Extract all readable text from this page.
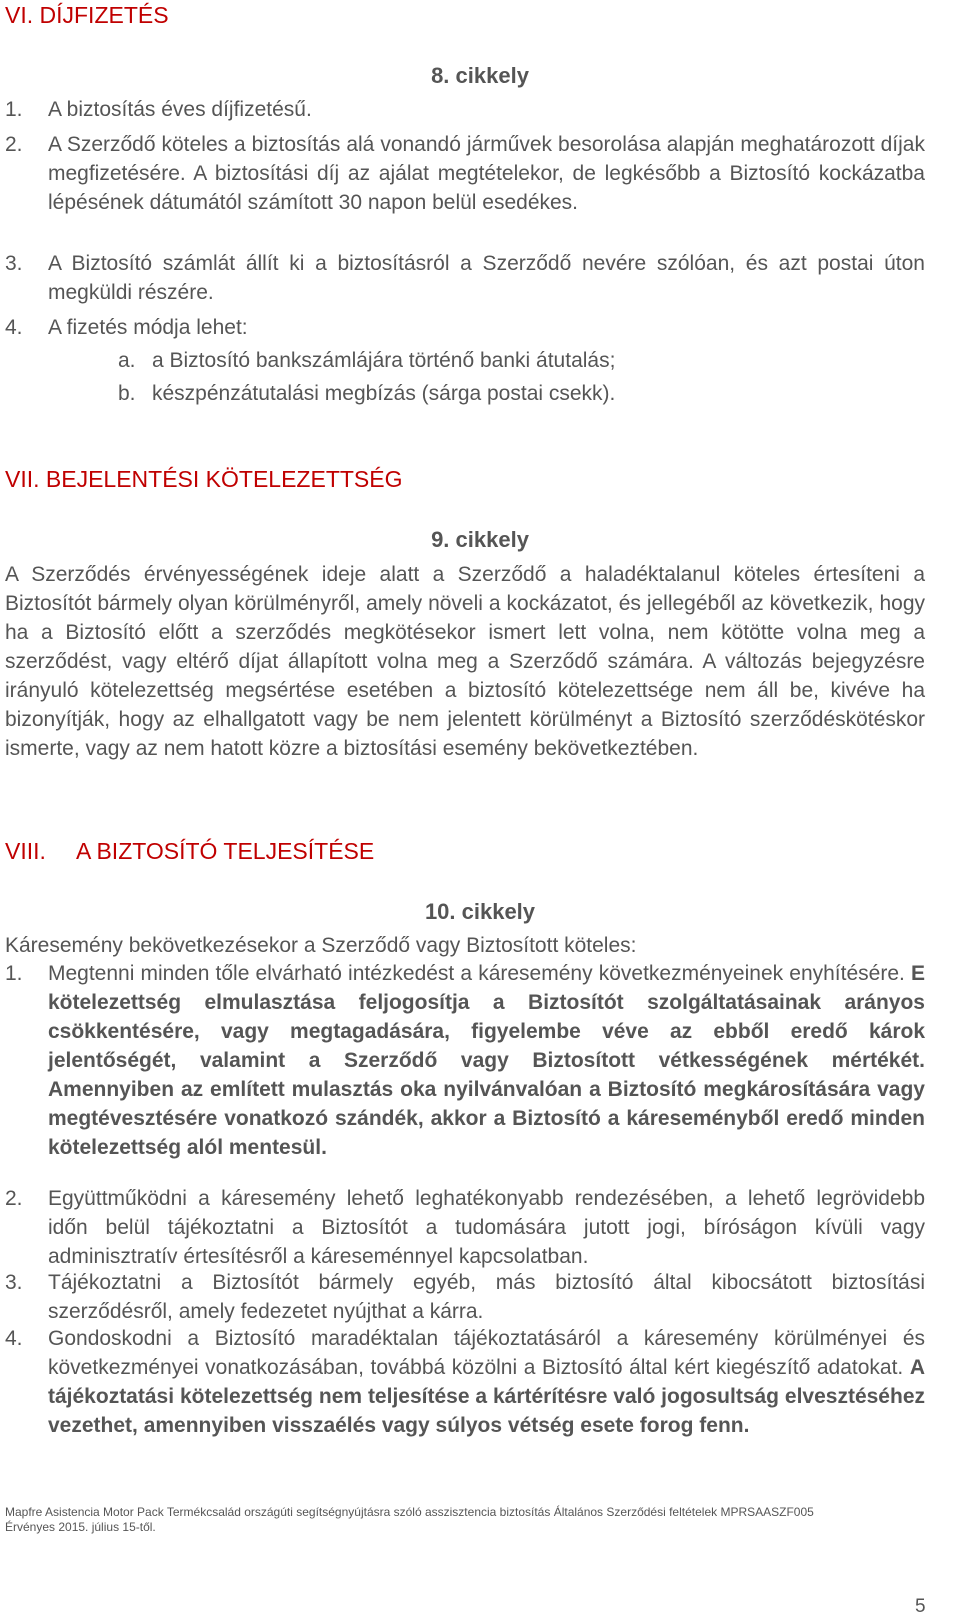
VI. DÍJFIZETÉS
8. cikkely
1. A biztosítás éves díjfizetésű.
2. A Szerződő köteles a biztosítás alá vonandó járművek besorolása alapján meghatározott díjak megfizetésére. A biztosítási díj az ajálat megtételekor, de legkésőbb a Biztosító kockázatba lépésének dátumától számított 30 napon belül esedékes.
3. A Biztosító számlát állít ki a biztosításról a Szerződő nevére szólóan, és azt postai úton megküldi részére.
4. A fizetés módja lehet:
a. a Biztosító bankszámlájára történő banki átutalás;
b. készpénzátutalási megbízás (sárga postai csekk).
VII. BEJELENTÉSI KÖTELEZETTSÉG
9. cikkely
A Szerződés érvényességének ideje alatt a Szerződő a haladéktalanul köteles értesíteni a Biztosítót bármely olyan körülményről, amely növeli a kockázatot, és jellegéből az következik, hogy ha a Biztosító előtt a szerződés megkötésekor ismert lett volna, nem kötötte volna meg a szerződést, vagy eltérő díjat állapított volna meg a Szerződő számára. A változás bejegyzésre irányuló kötelezettség megsértése esetében a biztosító kötelezettsége nem áll be, kivéve ha bizonyítják, hogy az elhallgatott vagy be nem jelentett körülményt a Biztosító szerződéskötéskor ismerte, vagy az nem hatott közre a biztosítási esemény bekövetkeztében.
VIII. A BIZTOSÍTÓ TELJESÍTÉSE
10. cikkely
Káresemény bekövetkezésekor a Szerződő vagy Biztosított köteles:
1. Megtenni minden tőle elvárható intézkedést a káresemény következményeinek enyhítésére. E kötelezettség elmulasztása feljogosítja a Biztosítót szolgáltatásainak arányos csökkentésére, vagy megtagadására, figyelembe véve az ebből eredő károk jelentőségét, valamint a Szerződő vagy Biztosított vétkességének mértékét. Amennyiben az említett mulasztás oka nyilvánvalóan a Biztosító megkárosítására vagy megtévesztésére vonatkozó szándék, akkor a Biztosító a káreseményből eredő minden kötelezettség alól mentesül.
2. Együttműködni a káresemény lehető leghatékonyabb rendezésében, a lehető legrövidebb időn belül tájékoztatni a Biztosítót a tudomására jutott jogi, bíróságon kívüli vagy adminisztratív értesítésről a káreseménnyel kapcsolatban.
3. Tájékoztatni a Biztosítót bármely egyéb, más biztosító által kibocsátott biztosítási szerződésről, amely fedezetet nyújthat a kárra.
4. Gondoskodni a Biztosító maradéktalan tájékoztatásáról a káresemény körülményei és következményei vonatkozásában, továbbá közölni a Biztosító által kért kiegészítő adatokat. A tájékoztatási kötelezettség nem teljesítése a kártérítésre való jogosultság elvesztéséhez vezethet, amennyiben visszaélés vagy súlyos vétség esete forog fenn.
Mapfre Asistencia Motor Pack Termékcsalád országúti segítségnyújtásra szóló asszisztencia biztosítás Általános Szerződési feltételek MPRSAASZF005
Érvényes 2015. július 15-től.
5
